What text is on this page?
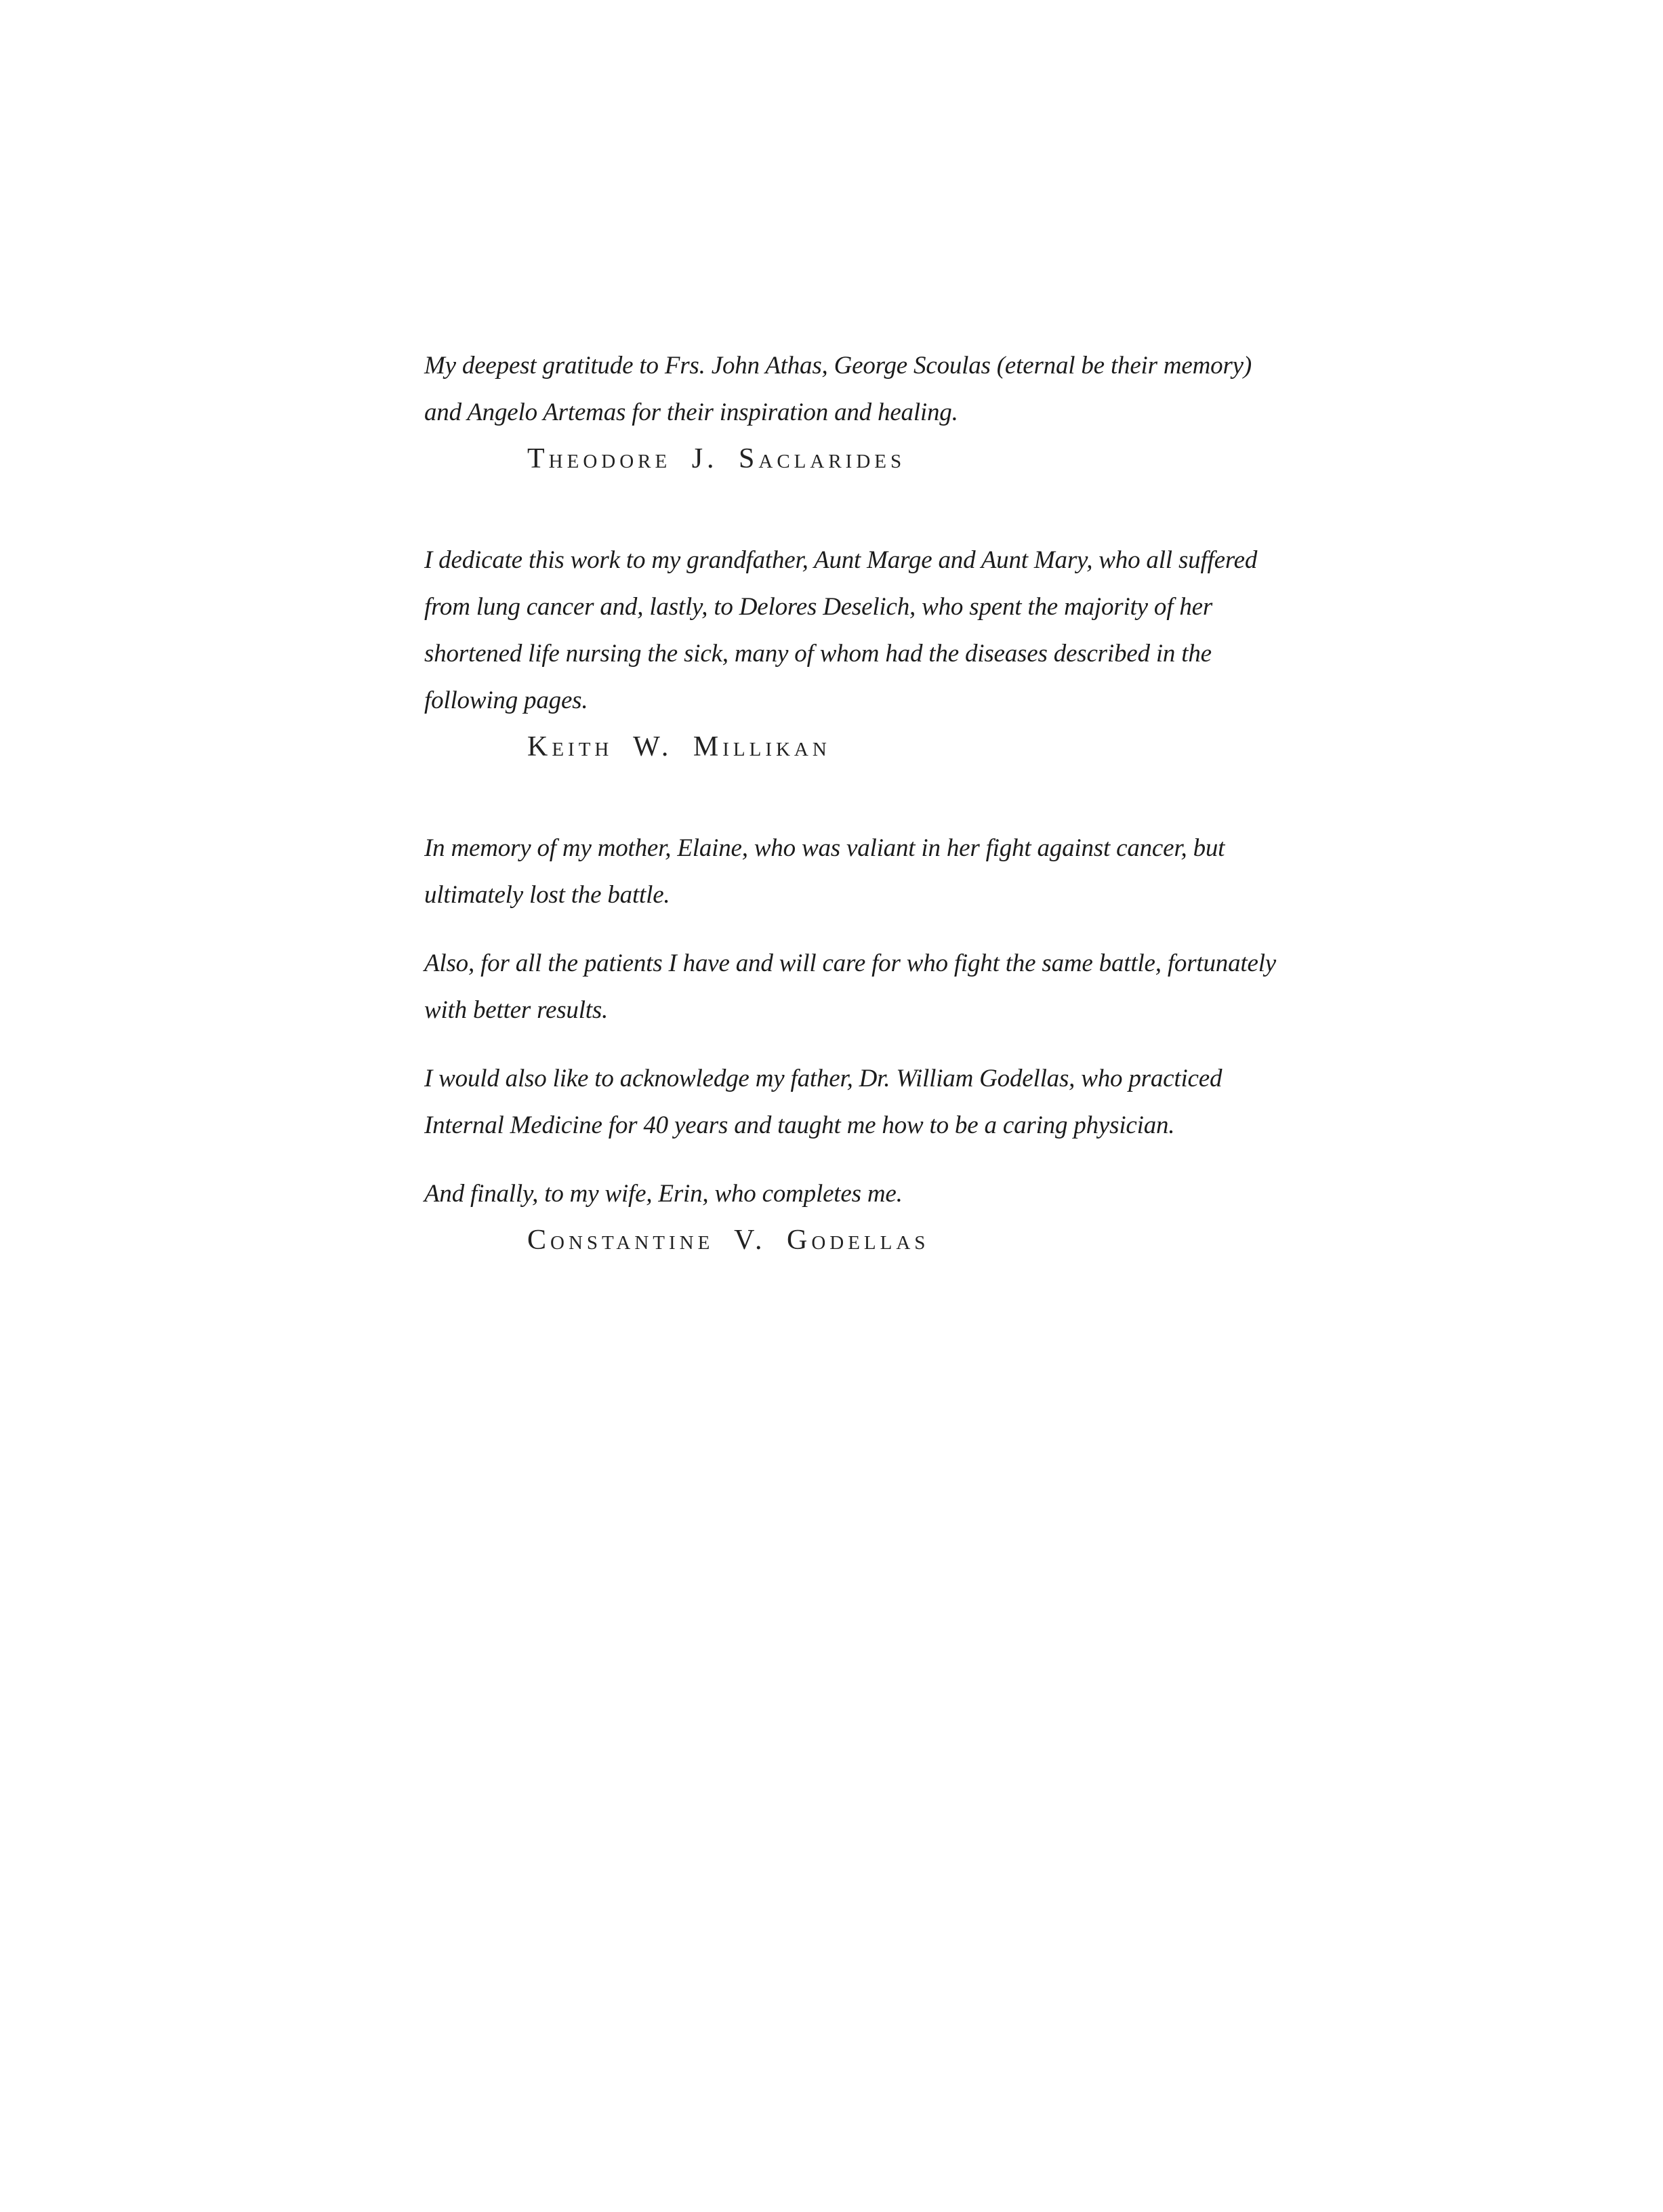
My deepest gratitude to Frs. John Athas, George Scoulas (eternal be their memory)
and Angelo Artemas for their inspiration and healing.
Theodore J. Saclarides
I dedicate this work to my grandfather, Aunt Marge and Aunt Mary, who all suffered
from lung cancer and, lastly, to Delores Deselich, who spent the majority of her
shortened life nursing the sick, many of whom had the diseases described in the
following pages.
Keith W. Millikan
In memory of my mother, Elaine, who was valiant in her fight against cancer, but
ultimately lost the battle.
Also, for all the patients I have and will care for who fight the same battle, fortunately
with better results.
I would also like to acknowledge my father, Dr. William Godellas, who practiced
Internal Medicine for 40 years and taught me how to be a caring physician.
And finally, to my wife, Erin, who completes me.
Constantine V. Godellas
